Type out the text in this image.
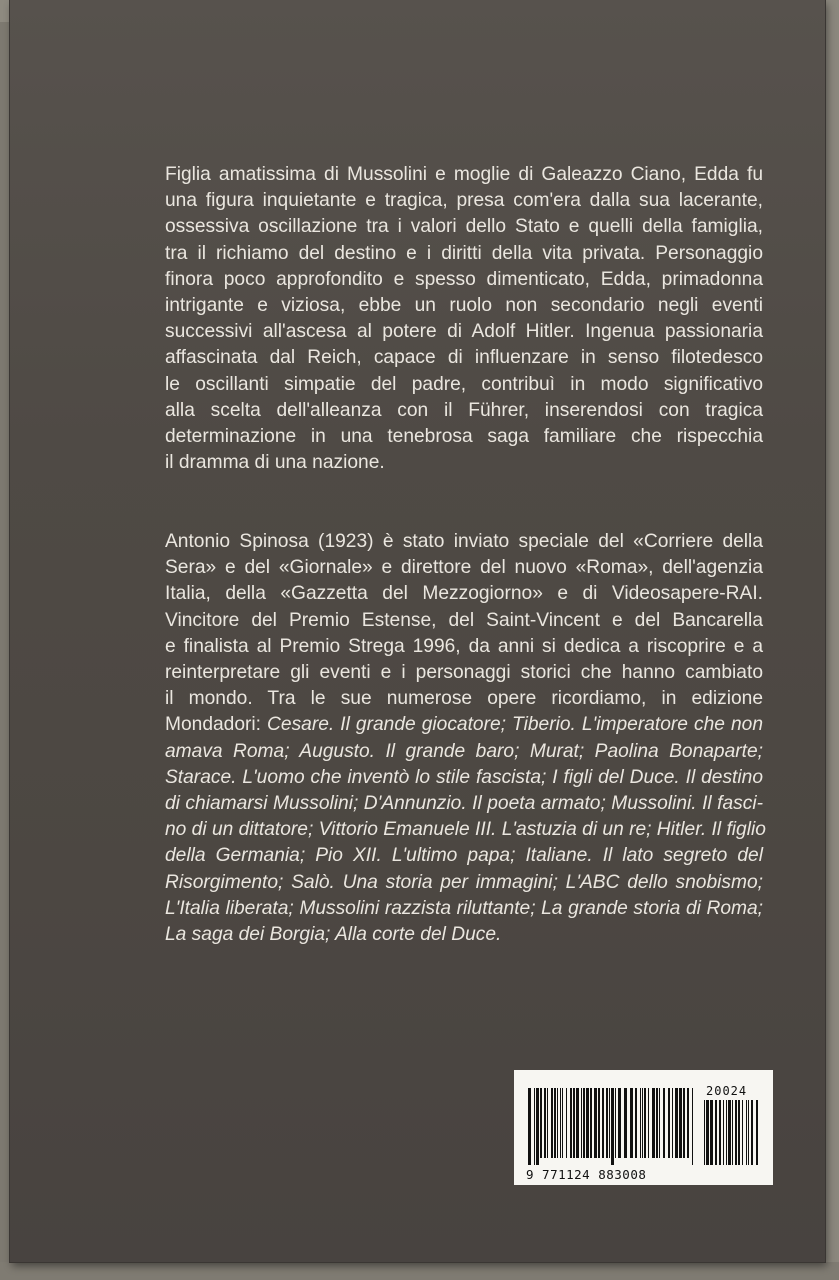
Figlia amatissima di Mussolini e moglie di Galeazzo Ciano, Edda fu
una figura inquietante e tragica, presa com'era dalla sua lacerante,
ossessiva oscillazione tra i valori dello Stato e quelli della famiglia,
tra il richiamo del destino e i diritti della vita privata. Personaggio
finora poco approfondito e spesso dimenticato, Edda, primadonna
intrigante e viziosa, ebbe un ruolo non secondario negli eventi
successivi all'ascesa al potere di Adolf Hitler. Ingenua passionaria
affascinata dal Reich, capace di influenzare in senso filotedesco
le oscillanti simpatie del padre, contribuì in modo significativo
alla scelta dell'alleanza con il Führer, inserendosi con tragica
determinazione in una tenebrosa saga familiare che rispecchia
il dramma di una nazione.
Antonio Spinosa (1923) è stato inviato speciale del «Corriere della
Sera» e del «Giornale» e direttore del nuovo «Roma», dell'agenzia
Italia, della «Gazzetta del Mezzogiorno» e di Videosapere-RAI.
Vincitore del Premio Estense, del Saint-Vincent e del Bancarella
e finalista al Premio Strega 1996, da anni si dedica a riscoprire e a
reinterpretare gli eventi e i personaggi storici che hanno cambiato
il mondo. Tra le sue numerose opere ricordiamo, in edizione
Mondadori: Cesare. Il grande giocatore; Tiberio. L'imperatore che non
amava Roma; Augusto. Il grande baro; Murat; Paolina Bonaparte;
Starace. L'uomo che inventò lo stile fascista; I figli del Duce. Il destino
di chiamarsi Mussolini; D'Annunzio. Il poeta armato; Mussolini. Il fasci-
no di un dittatore; Vittorio Emanuele III. L'astuzia di un re; Hitler. Il figlio
della Germania; Pio XII. L'ultimo papa; Italiane. Il lato segreto del
Risorgimento; Salò. Una storia per immagini; L'ABC dello snobismo;
L'Italia liberata; Mussolini razzista riluttante; La grande storia di Roma;
La saga dei Borgia; Alla corte del Duce.
20024
9 771124 883008
